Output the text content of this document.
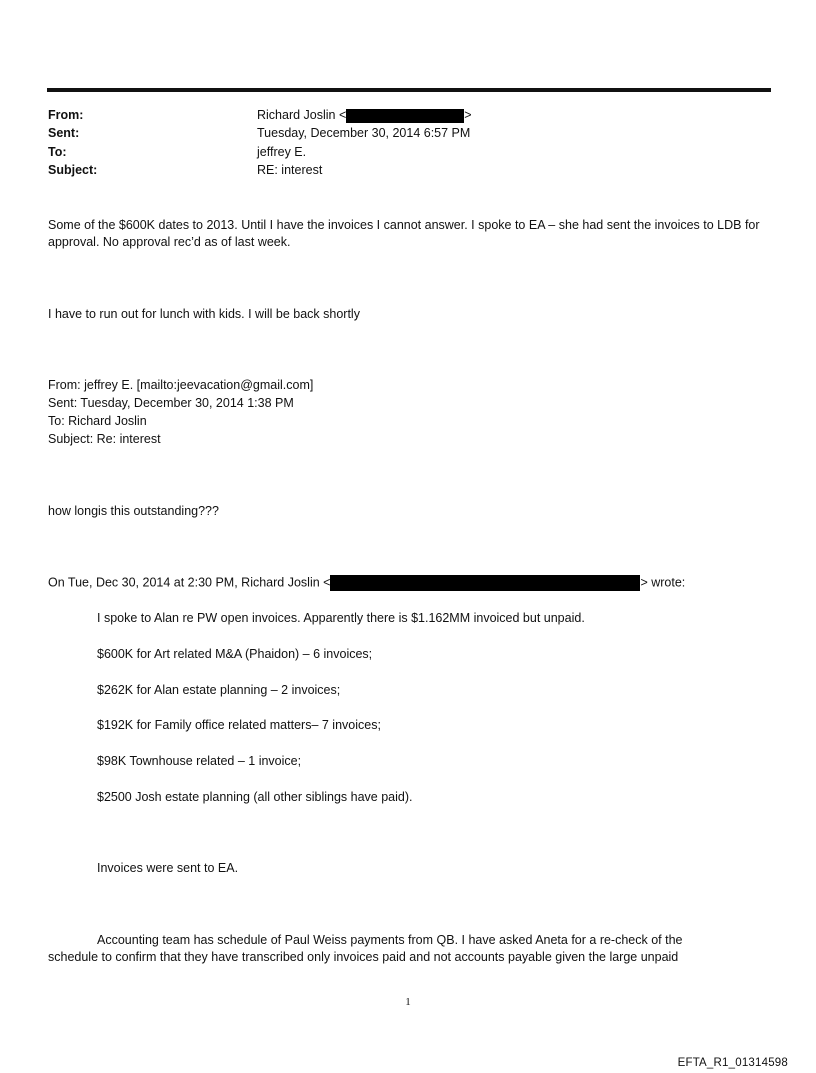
From:	Richard Joslin <	>
Sent:	Tuesday, December 30, 2014 6:57 PM
To:	jeffrey E.
Subject:	RE: interest
Some of the $600K dates to 2013. Until I have the invoices I cannot answer. I spoke to EA – she had sent the invoices to LDB for approval. No approval rec’d as of last week.
I have to run out for lunch with kids. I will be back shortly
From: jeffrey E. [mailto:jeevacation@gmail.com]
Sent: Tuesday, December 30, 2014 1:38 PM
To: Richard Joslin
Subject: Re: interest
how longis this outstanding???
On Tue, Dec 30, 2014 at 2:30 PM, Richard Joslin <	> wrote:
I spoke to Alan re PW open invoices. Apparently there is $1.162MM invoiced but unpaid.
$600K for Art related M&A (Phaidon) – 6 invoices;
$262K for Alan estate planning – 2 invoices;
$192K for Family office related matters– 7 invoices;
$98K Townhouse related – 1 invoice;
$2500 Josh estate planning (all other siblings have paid).
Invoices were sent to EA.
Accounting team has schedule of Paul Weiss payments from QB. I have asked Aneta for a re-check of the
schedule to confirm that they have transcribed only invoices paid and not accounts payable given the large unpaid
1
EFTA_R1_01314598
